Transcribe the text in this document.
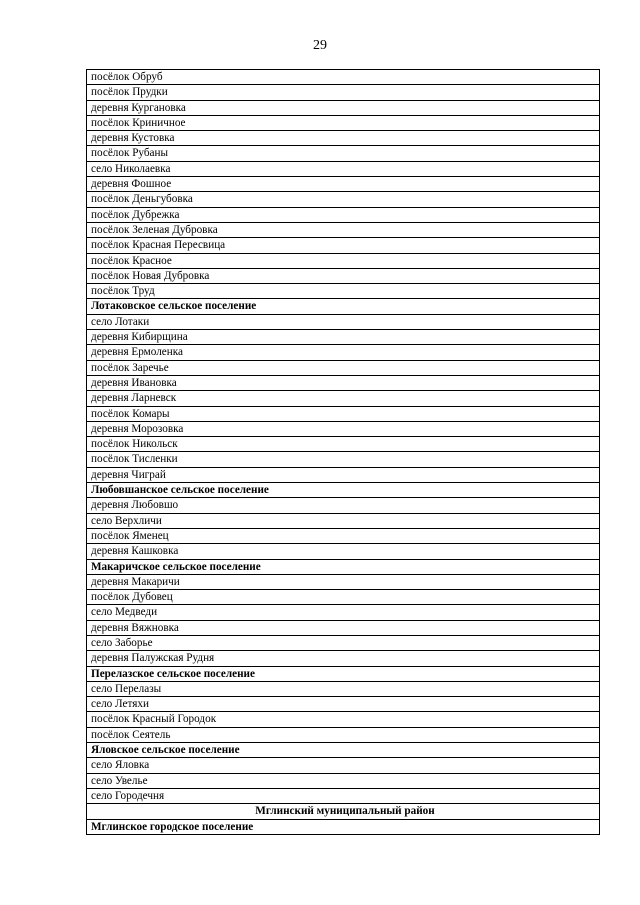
29
посёлок Обруб
посёлок Прудки
деревня Кургановка
посёлок Криничное
деревня Кустовка
посёлок Рубаны
село Николаевка
деревня Фошное
посёлок Деньгубовка
посёлок Дубрежка
посёлок Зеленая Дубровка
посёлок Красная Пересвица
посёлок Красное
посёлок Новая Дубровка
посёлок Труд
Лотаковское сельское поселение
село Лотаки
деревня Кибирщина
деревня Ермоленка
посёлок Заречье
деревня Ивановка
деревня Ларневск
посёлок Комары
деревня Морозовка
посёлок Никольск
посёлок Тисленки
деревня Чиграй
Любовшанское сельское поселение
деревня Любовшо
село Верхличи
посёлок Яменец
деревня Кашковка
Макаричское сельское поселение
деревня Макаричи
посёлок Дубовец
село Медведи
деревня Вяжновка
село Заборье
деревня Палужская Рудня
Перелазское сельское поселение
село Перелазы
село Летяхи
посёлок Красный Городок
посёлок Сеятель
Яловское сельское поселение
село Яловка
село Увелье
село Городечня
Мглинский муниципальный район
Мглинское городское поселение
